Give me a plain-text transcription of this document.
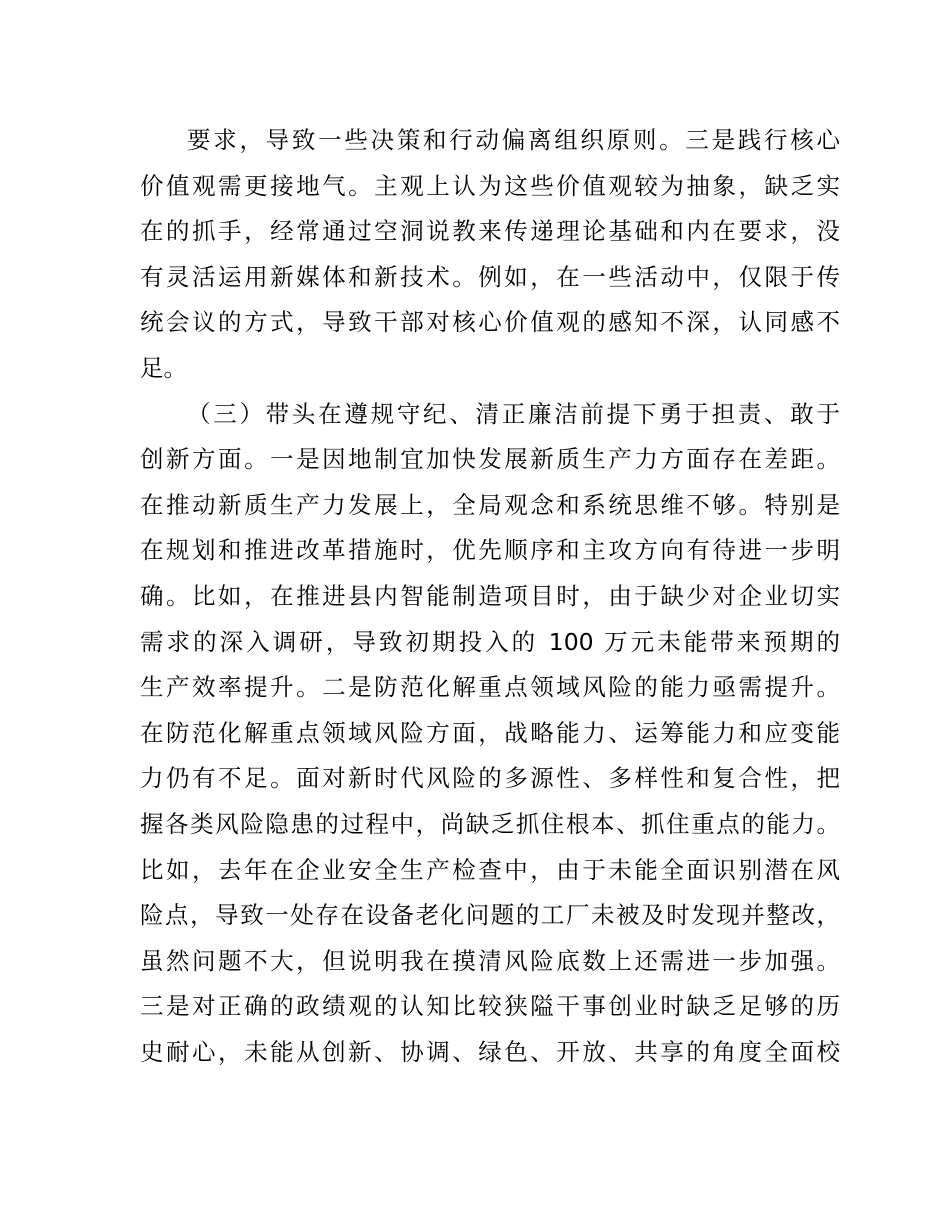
要求，导致一些决策和行动偏离组织原则。三是践行核心
价值观需更接地气。主观上认为这些价值观较为抽象，缺乏实
在的抓手，经常通过空洞说教来传递理论基础和内在要求，没
有灵活运用新媒体和新技术。例如，在一些活动中，仅限于传
统会议的方式，导致干部对核心价值观的感知不深，认同感不
足。
（三）带头在遵规守纪、清正廉洁前提下勇于担责、敢于
创新方面。一是因地制宜加快发展新质生产力方面存在差距。
在推动新质生产力发展上，全局观念和系统思维不够。特别是
在规划和推进改革措施时，优先顺序和主攻方向有待进一步明
确。比如，在推进县内智能制造项目时，由于缺少对企业切实
需求的深入调研，导致初期投入的 100 万元未能带来预期的
生产效率提升。二是防范化解重点领域风险的能力亟需提升。
在防范化解重点领域风险方面，战略能力、运筹能力和应变能
力仍有不足。面对新时代风险的多源性、多样性和复合性，把
握各类风险隐患的过程中，尚缺乏抓住根本、抓住重点的能力。
比如，去年在企业安全生产检查中，由于未能全面识别潜在风
险点，导致一处存在设备老化问题的工厂未被及时发现并整改，
虽然问题不大，但说明我在摸清风险底数上还需进一步加强。
三是对正确的政绩观的认知比较狭隘干事创业时缺乏足够的历
史耐心，未能从创新、协调、绿色、开放、共享的角度全面校
